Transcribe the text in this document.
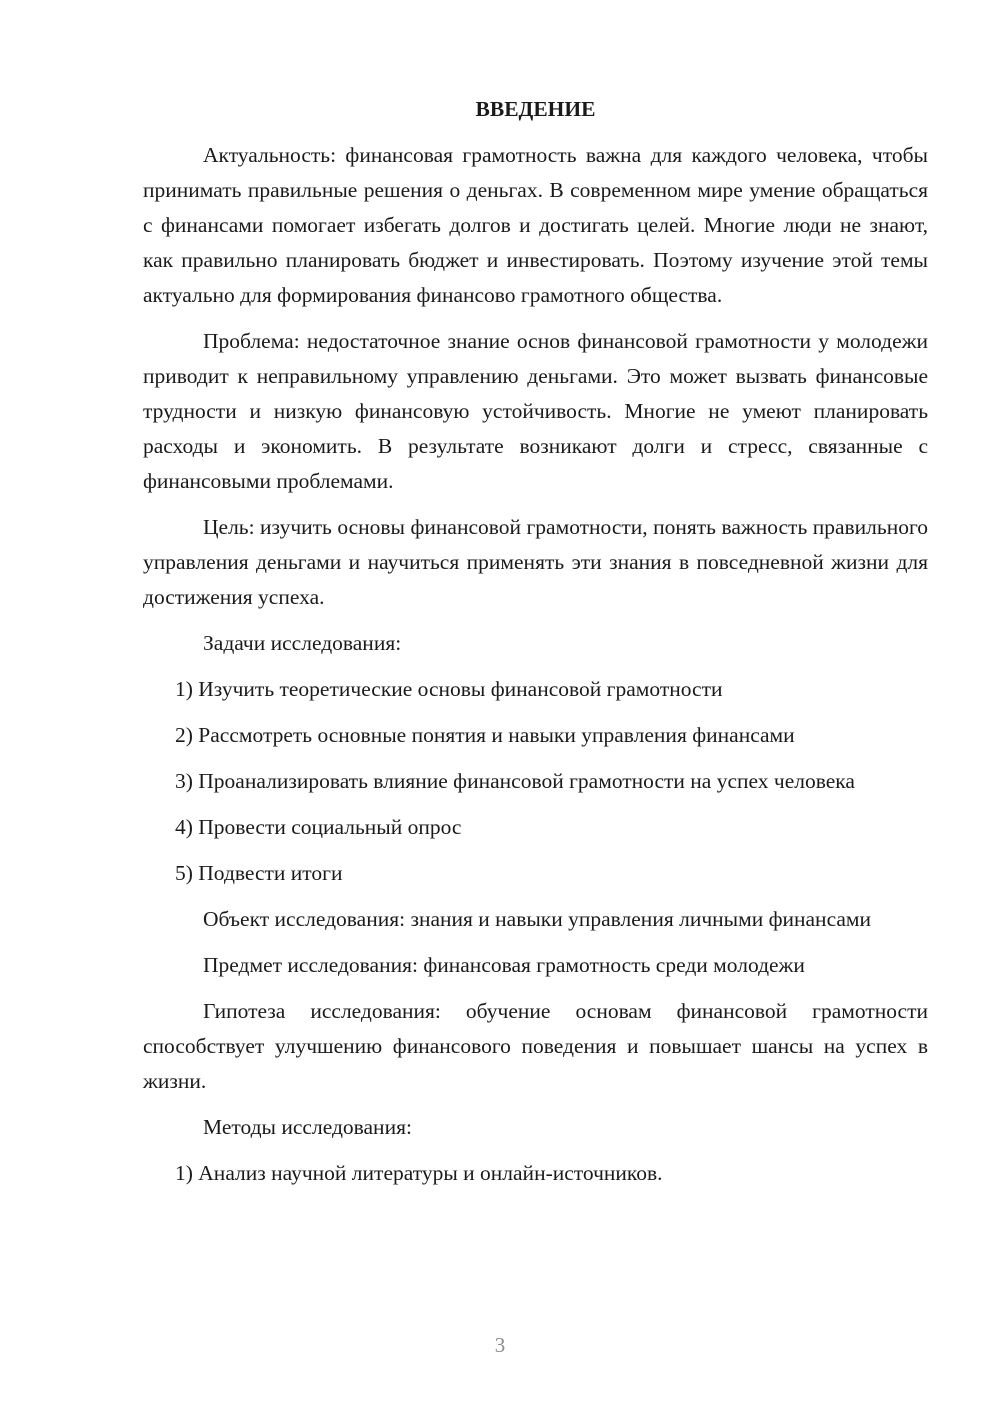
ВВЕДЕНИЕ

Актуальность: финансовая грамотность важна для каждого человека, чтобы принимать правильные решения о деньгах. В современном мире умение обращаться с финансами помогает избегать долгов и достигать целей. Многие люди не знают, как правильно планировать бюджет и инвестировать. Поэтому изучение этой темы актуально для формирования финансово грамотного общества.

Проблема: недостаточное знание основ финансовой грамотности у молодежи приводит к неправильному управлению деньгами. Это может вызвать финансовые трудности и низкую финансовую устойчивость. Многие не умеют планировать расходы и экономить. В результате возникают долги и стресс, связанные с финансовыми проблемами.

Цель: изучить основы финансовой грамотности, понять важность правильного управления деньгами и научиться применять эти знания в повседневной жизни для достижения успеха.

Задачи исследования:

1) Изучить теоретические основы финансовой грамотности

2) Рассмотреть основные понятия и навыки управления финансами

3) Проанализировать влияние финансовой грамотности на успех человека

4) Провести социальный опрос

5) Подвести итоги

Объект исследования: знания и навыки управления личными финансами

Предмет исследования: финансовая грамотность среди молодежи

Гипотеза исследования: обучение основам финансовой грамотности способствует улучшению финансового поведения и повышает шансы на успех в жизни.

Методы исследования:

1) Анализ научной литературы и онлайн-источников.

3
